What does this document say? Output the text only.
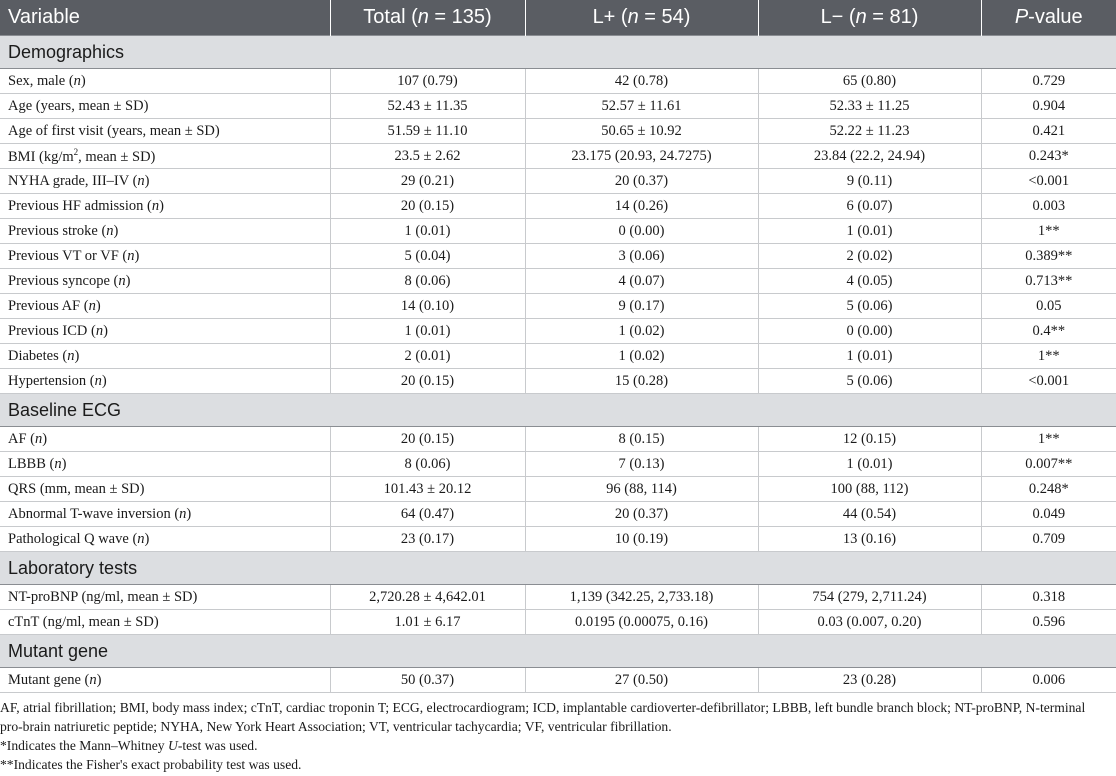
Variable	Total (n = 135)	L+ (n = 54)	L− (n = 81)	P-value
Demographics				
Sex, male (n)	107 (0.79)	42 (0.78)	65 (0.80)	0.729
Age (years, mean ± SD)	52.43 ± 11.35	52.57 ± 11.61	52.33 ± 11.25	0.904
Age of first visit (years, mean ± SD)	51.59 ± 11.10	50.65 ± 10.92	52.22 ± 11.23	0.421
BMI ($kg/m^2$, mean ± SD)	23.5 ± 2.62	23.175 (20.93, 24.7275)	23.84 (22.2, 24.94)	0.243*
NYHA grade, III–IV (n)	29 (0.21)	20 (0.37)	9 (0.11)	<0.001
Previous HF admission (n)	20 (0.15)	14 (0.26)	6 (0.07)	0.003
Previous stroke (n)	1 (0.01)	0 (0.00)	1 (0.01)	1**
Previous VT or VF (n)	5 (0.04)	3 (0.06)	2 (0.02)	0.389**
Previous syncope (n)	8 (0.06)	4 (0.07)	4 (0.05)	0.713**
Previous AF (n)	14 (0.10)	9 (0.17)	5 (0.06)	0.05
Previous ICD (n)	1 (0.01)	1 (0.02)	0 (0.00)	0.4**
Diabetes (n)	2 (0.01)	1 (0.02)	1 (0.01)	1**
Hypertension (n)	20 (0.15)	15 (0.28)	5 (0.06)	<0.001
Baseline ECG				
AF (n)	20 (0.15)	8 (0.15)	12 (0.15)	1**
LBBB (n)	8 (0.06)	7 (0.13)	1 (0.01)	0.007**
QRS (mm, mean ± SD)	101.43 ± 20.12	96 (88, 114)	100 (88, 112)	0.248*
Abnormal T-wave inversion (n)	64 (0.47)	20 (0.37)	44 (0.54)	0.049
Pathological Q wave (n)	23 (0.17)	10 (0.19)	13 (0.16)	0.709
Laboratory tests				
NT-proBNP (ng/ml, mean ± SD)	2,720.28 ± 4,642.01	1,139 (342.25, 2,733.18)	754 (279, 2,711.24)	0.318
cTnT (ng/ml, mean ± SD)	1.01 ± 6.17	0.0195 (0.00075, 0.16)	0.03 (0.007, 0.20)	0.596
Mutant gene				
Mutant gene (n)	50 (0.37)	27 (0.50)	23 (0.28)	0.006

AF, atrial fibrillation; BMI, body mass index; cTnT, cardiac troponin T; ECG, electrocardiogram; ICD, implantable cardioverter-defibrillator; LBBB, left bundle branch block; NT-proBNP, N-terminal pro-brain natriuretic peptide; NYHA, New York Heart Association; VT, ventricular tachycardia; VF, ventricular fibrillation.

*Indicates the Mann–Whitney U-test was used.

**Indicates the Fisher's exact probability test was used.
